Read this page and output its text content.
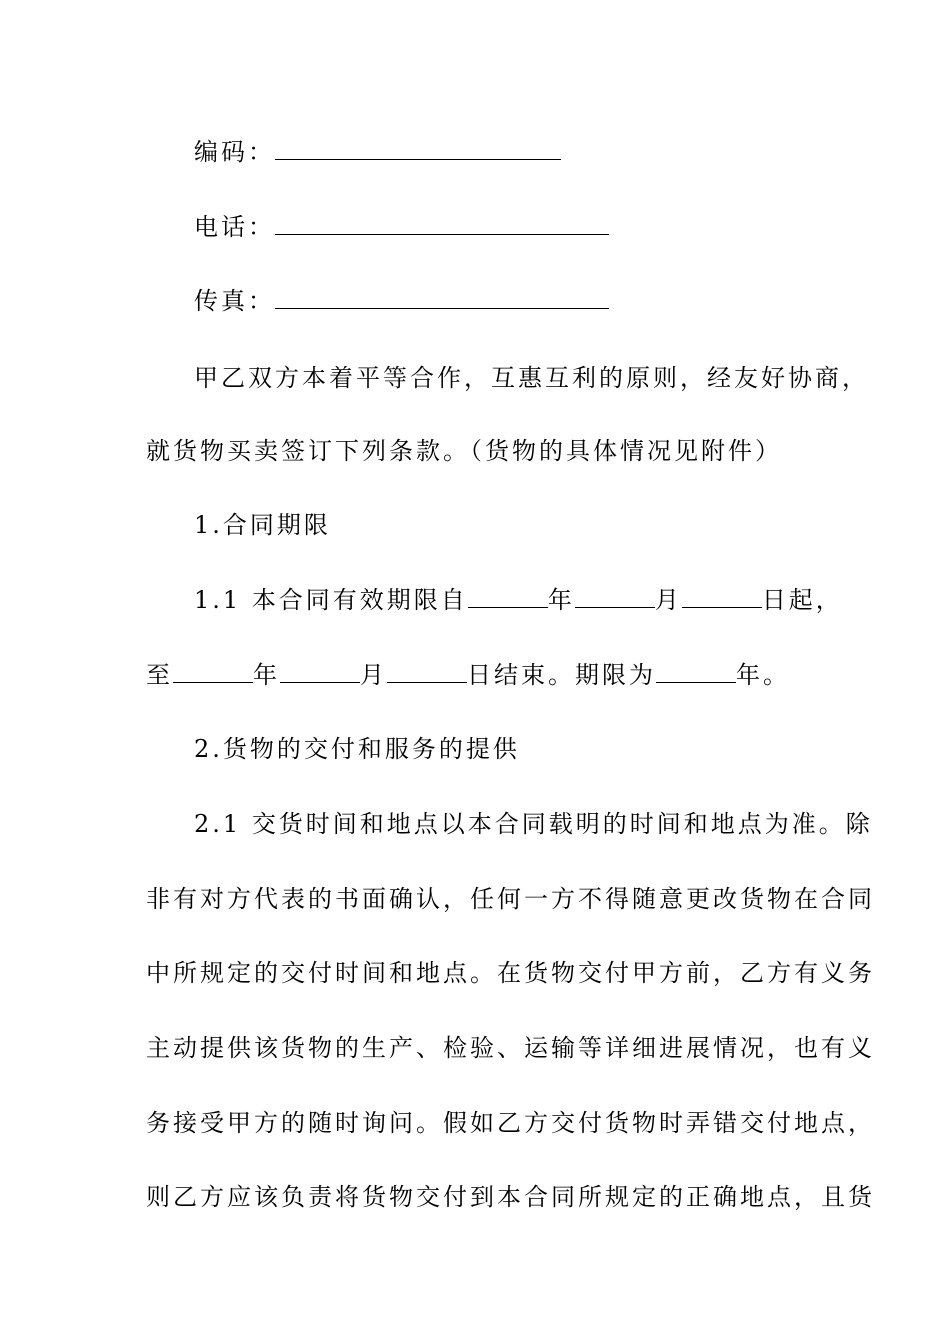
编码：
电话：
传真：
甲乙双方本着平等合作，互惠互利的原则，经友好协商，
就货物买卖签订下列条款。（货物的具体情况见附件）
1.合同期限
1.1 本合同有效期限自	年	月	日起，
至	年	月	日结束。期限为	年。
2.货物的交付和服务的提供
2.1 交货时间和地点以本合同载明的时间和地点为准。除
非有对方代表的书面确认，任何一方不得随意更改货物在合同
中所规定的交付时间和地点。在货物交付甲方前，乙方有义务
主动提供该货物的生产、检验、运输等详细进展情况，也有义
务接受甲方的随时询问。假如乙方交付货物时弄错交付地点，
则乙方应该负责将货物交付到本合同所规定的正确地点，且货
